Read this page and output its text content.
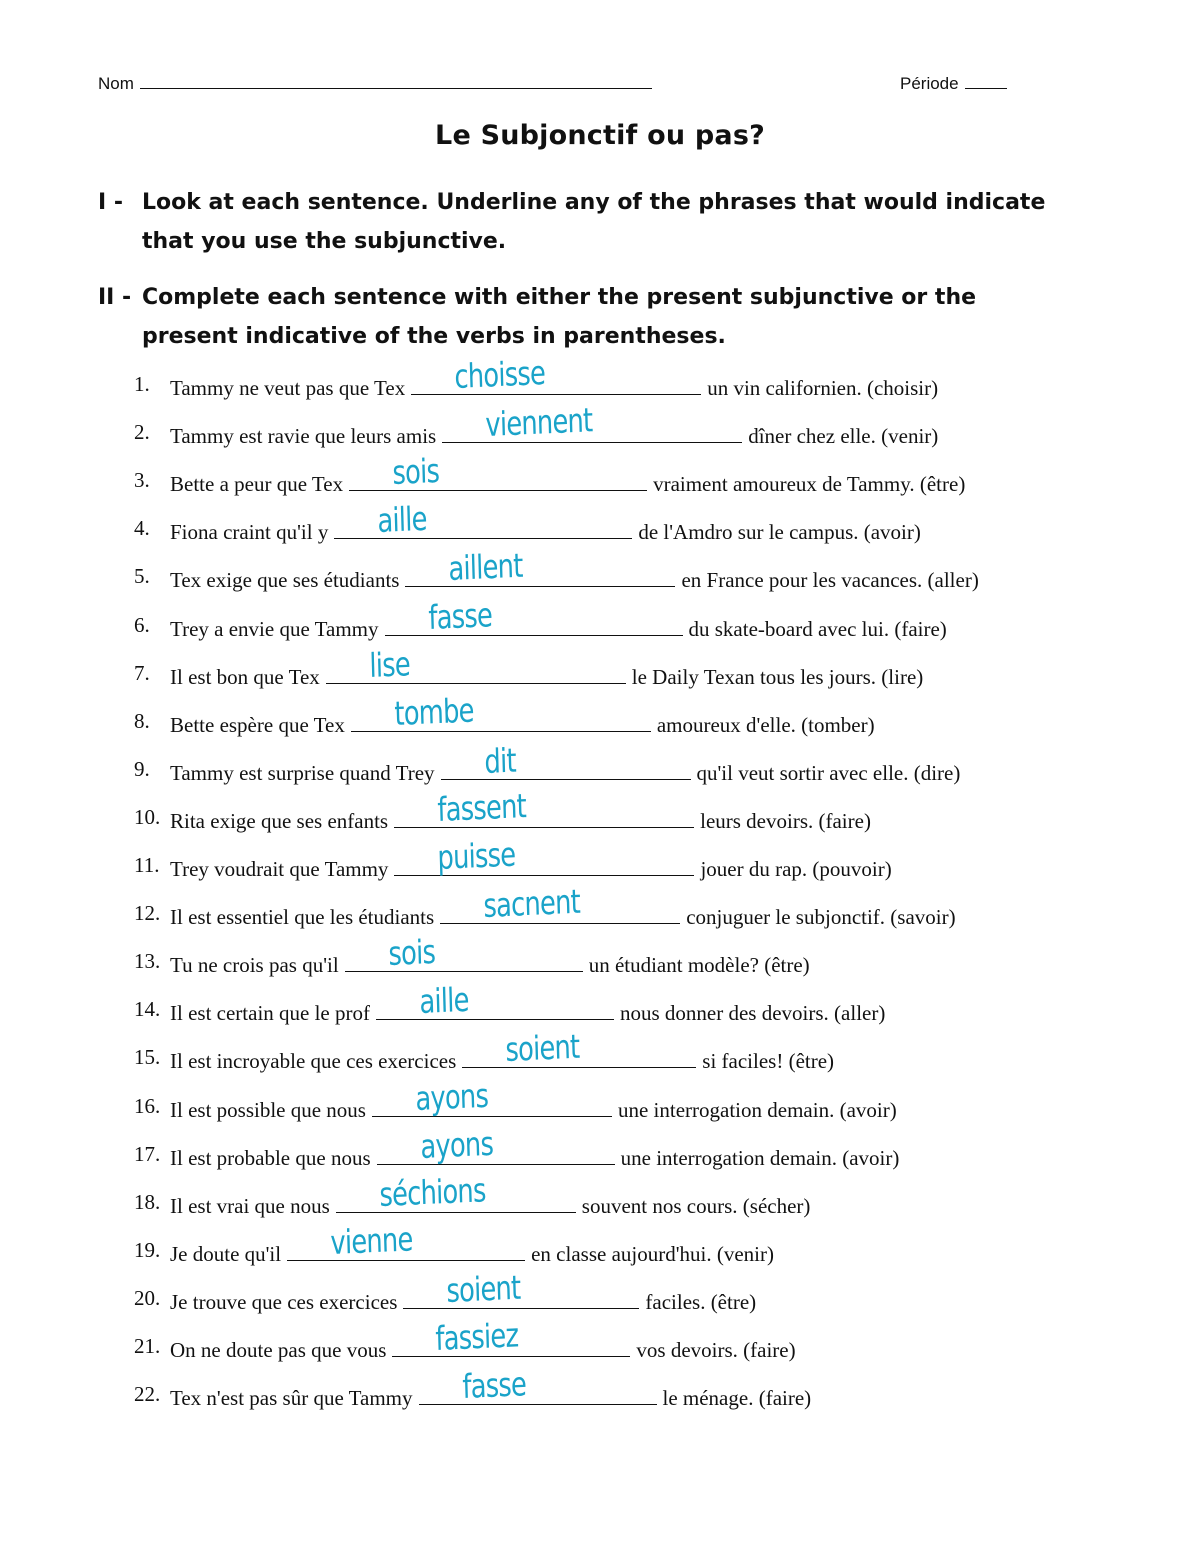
Nom	Période
Le Subjonctif ou pas?
I - Look at each sentence. Underline any of the phrases that would indicate
that you use the subjunctive.
II - Complete each sentence with either the present subjunctive or the
present indicative of the verbs in parentheses.
1. Tammy ne veut pas que Tex choisse	un vin californien. (choisir)
2. Tammy est ravie que leurs amis viennent	dîner chez elle. (venir)
3. Bette a peur que Tex sois	vraiment amoureux de Tammy. (être)
4. Fiona craint qu'il y aille	de l'Amdro sur le campus. (avoir)
5. Tex exige que ses étudiants aillent	en France pour les vacances. (aller)
6. Trey a envie que Tammy fasse	du skate-board avec lui. (faire)
7. Il est bon que Tex lise	le Daily Texan tous les jours. (lire)
8. Bette espère que Tex tombe	amoureux d'elle. (tomber)
9. Tammy est surprise quand Trey dit	qu'il veut sortir avec elle. (dire)
10. Rita exige que ses enfants fassent	leurs devoirs. (faire)
11. Trey voudrait que Tammy puisse	jouer du rap. (pouvoir)
12. Il est essentiel que les étudiants sacnent	conjuguer le subjonctif. (savoir)
13. Tu ne crois pas qu'il sois	un étudiant modèle? (être)
14. Il est certain que le prof aille	nous donner des devoirs. (aller)
15. Il est incroyable que ces exercices soient	si faciles! (être)
16. Il est possible que nous ayons	une interrogation demain. (avoir)
17. Il est probable que nous ayons	une interrogation demain. (avoir)
18. Il est vrai que nous séchions	souvent nos cours. (sécher)
19. Je doute qu'il vienne	en classe aujourd'hui. (venir)
20. Je trouve que ces exercices soient	faciles. (être)
21. On ne doute pas que vous fassiez	vos devoirs. (faire)
22. Tex n'est pas sûr que Tammy fasse	le ménage. (faire)
